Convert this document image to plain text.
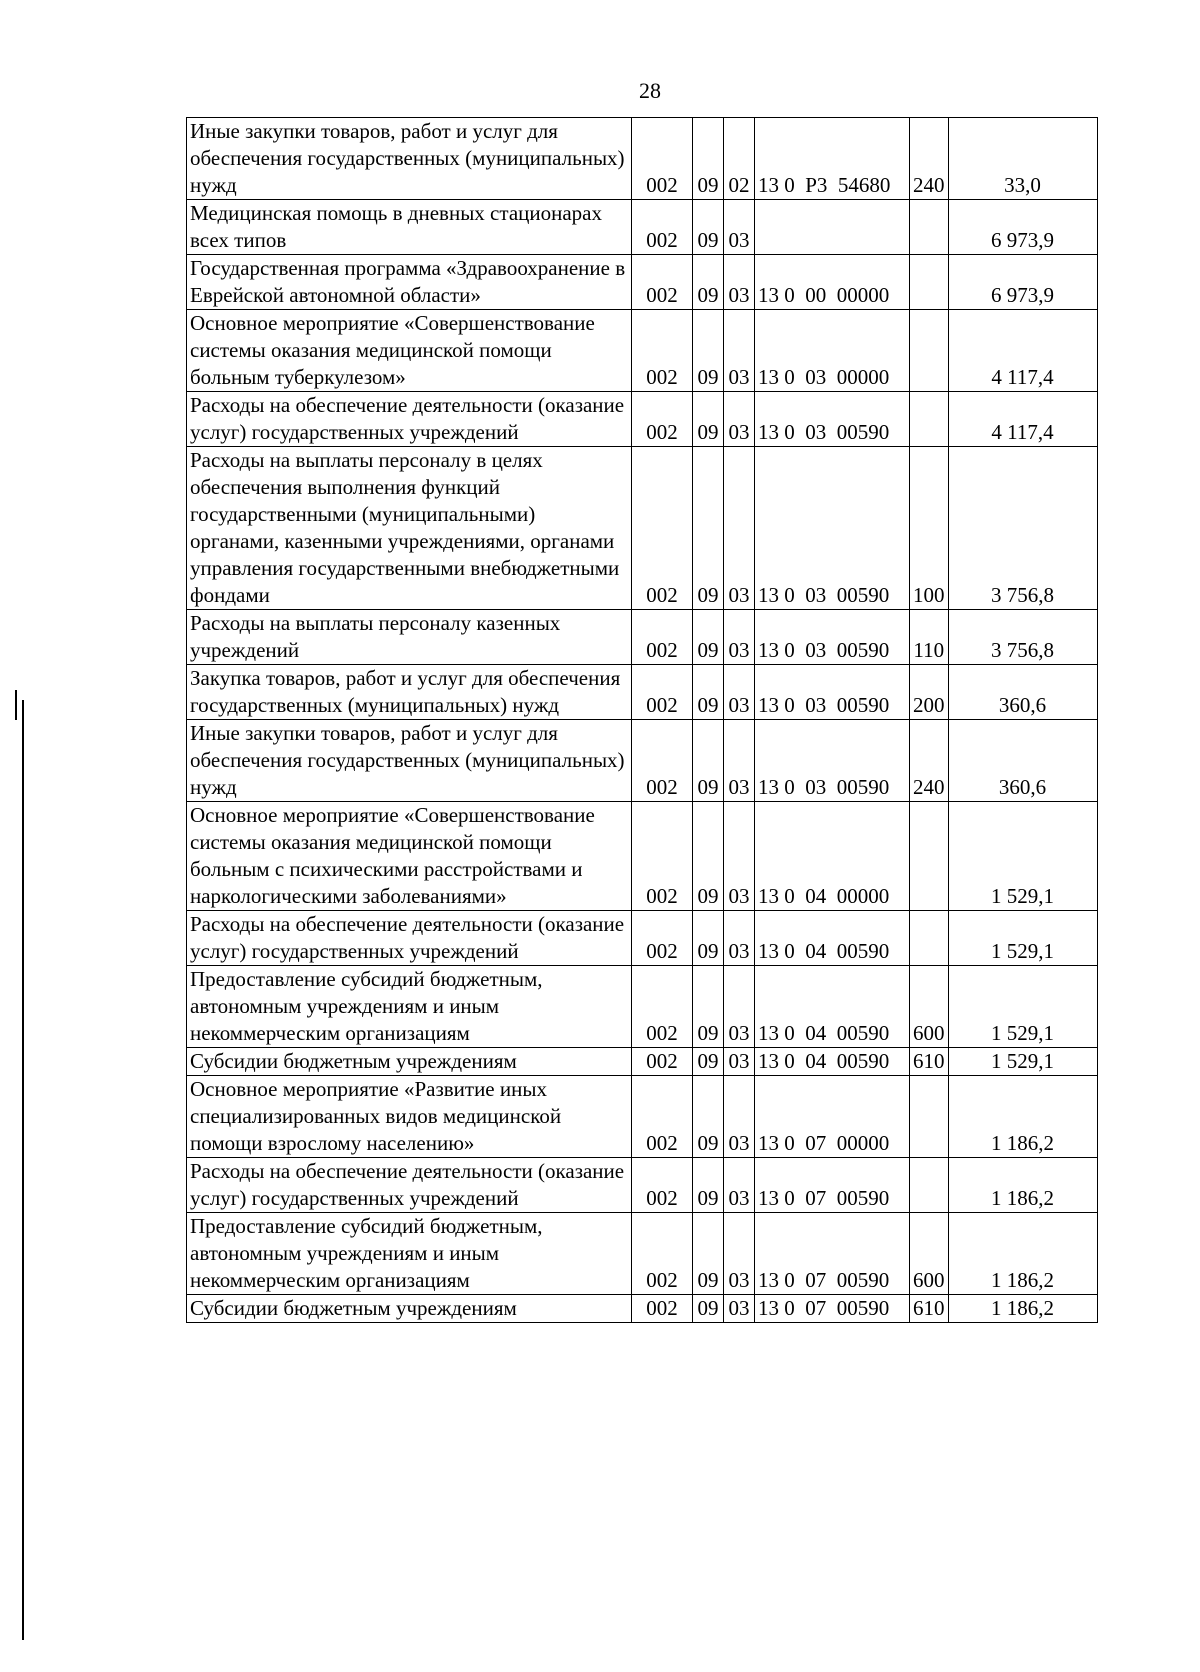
28
Иные закупки товаров, работ и услуг для обеспечения государственных (муниципальных) нужд	002	09	02	13 0  P3  54680	240	33,0
Медицинская помощь в дневных стационарах всех типов	002	09	03			6 973,9
Государственная программа «Здравоохранение в Еврейской автономной области»	002	09	03	13 0  00  00000		6 973,9
Основное мероприятие «Совершенствование системы оказания медицинской помощи больным туберкулезом»	002	09	03	13 0  03  00000		4 117,4
Расходы на обеспечение деятельности (оказание услуг) государственных учреждений	002	09	03	13 0  03  00590		4 117,4
Расходы на выплаты персоналу в целях обеспечения выполнения функций государственными (муниципальными) органами, казенными учреждениями, органами управления государственными внебюджетными фондами	002	09	03	13 0  03  00590	100	3 756,8
Расходы на выплаты персоналу казенных учреждений	002	09	03	13 0  03  00590	110	3 756,8
Закупка товаров, работ и услуг для обеспечения государственных (муниципальных) нужд	002	09	03	13 0  03  00590	200	360,6
Иные закупки товаров, работ и услуг для обеспечения государственных (муниципальных) нужд	002	09	03	13 0  03  00590	240	360,6
Основное мероприятие «Совершенствование системы оказания медицинской помощи больным с психическими расстройствами и наркологическими заболеваниями»	002	09	03	13 0  04  00000		1 529,1
Расходы на обеспечение деятельности (оказание услуг) государственных учреждений	002	09	03	13 0  04  00590		1 529,1
Предоставление субсидий бюджетным, автономным учреждениям и иным некоммерческим организациям	002	09	03	13 0  04  00590	600	1 529,1
Субсидии бюджетным учреждениям	002	09	03	13 0  04  00590	610	1 529,1
Основное мероприятие «Развитие иных специализированных видов медицинской помощи взрослому населению»	002	09	03	13 0  07  00000		1 186,2
Расходы на обеспечение деятельности (оказание услуг) государственных учреждений	002	09	03	13 0  07  00590		1 186,2
Предоставление субсидий бюджетным, автономным учреждениям и иным некоммерческим организациям	002	09	03	13 0  07  00590	600	1 186,2
Субсидии бюджетным учреждениям	002	09	03	13 0  07  00590	610	1 186,2
